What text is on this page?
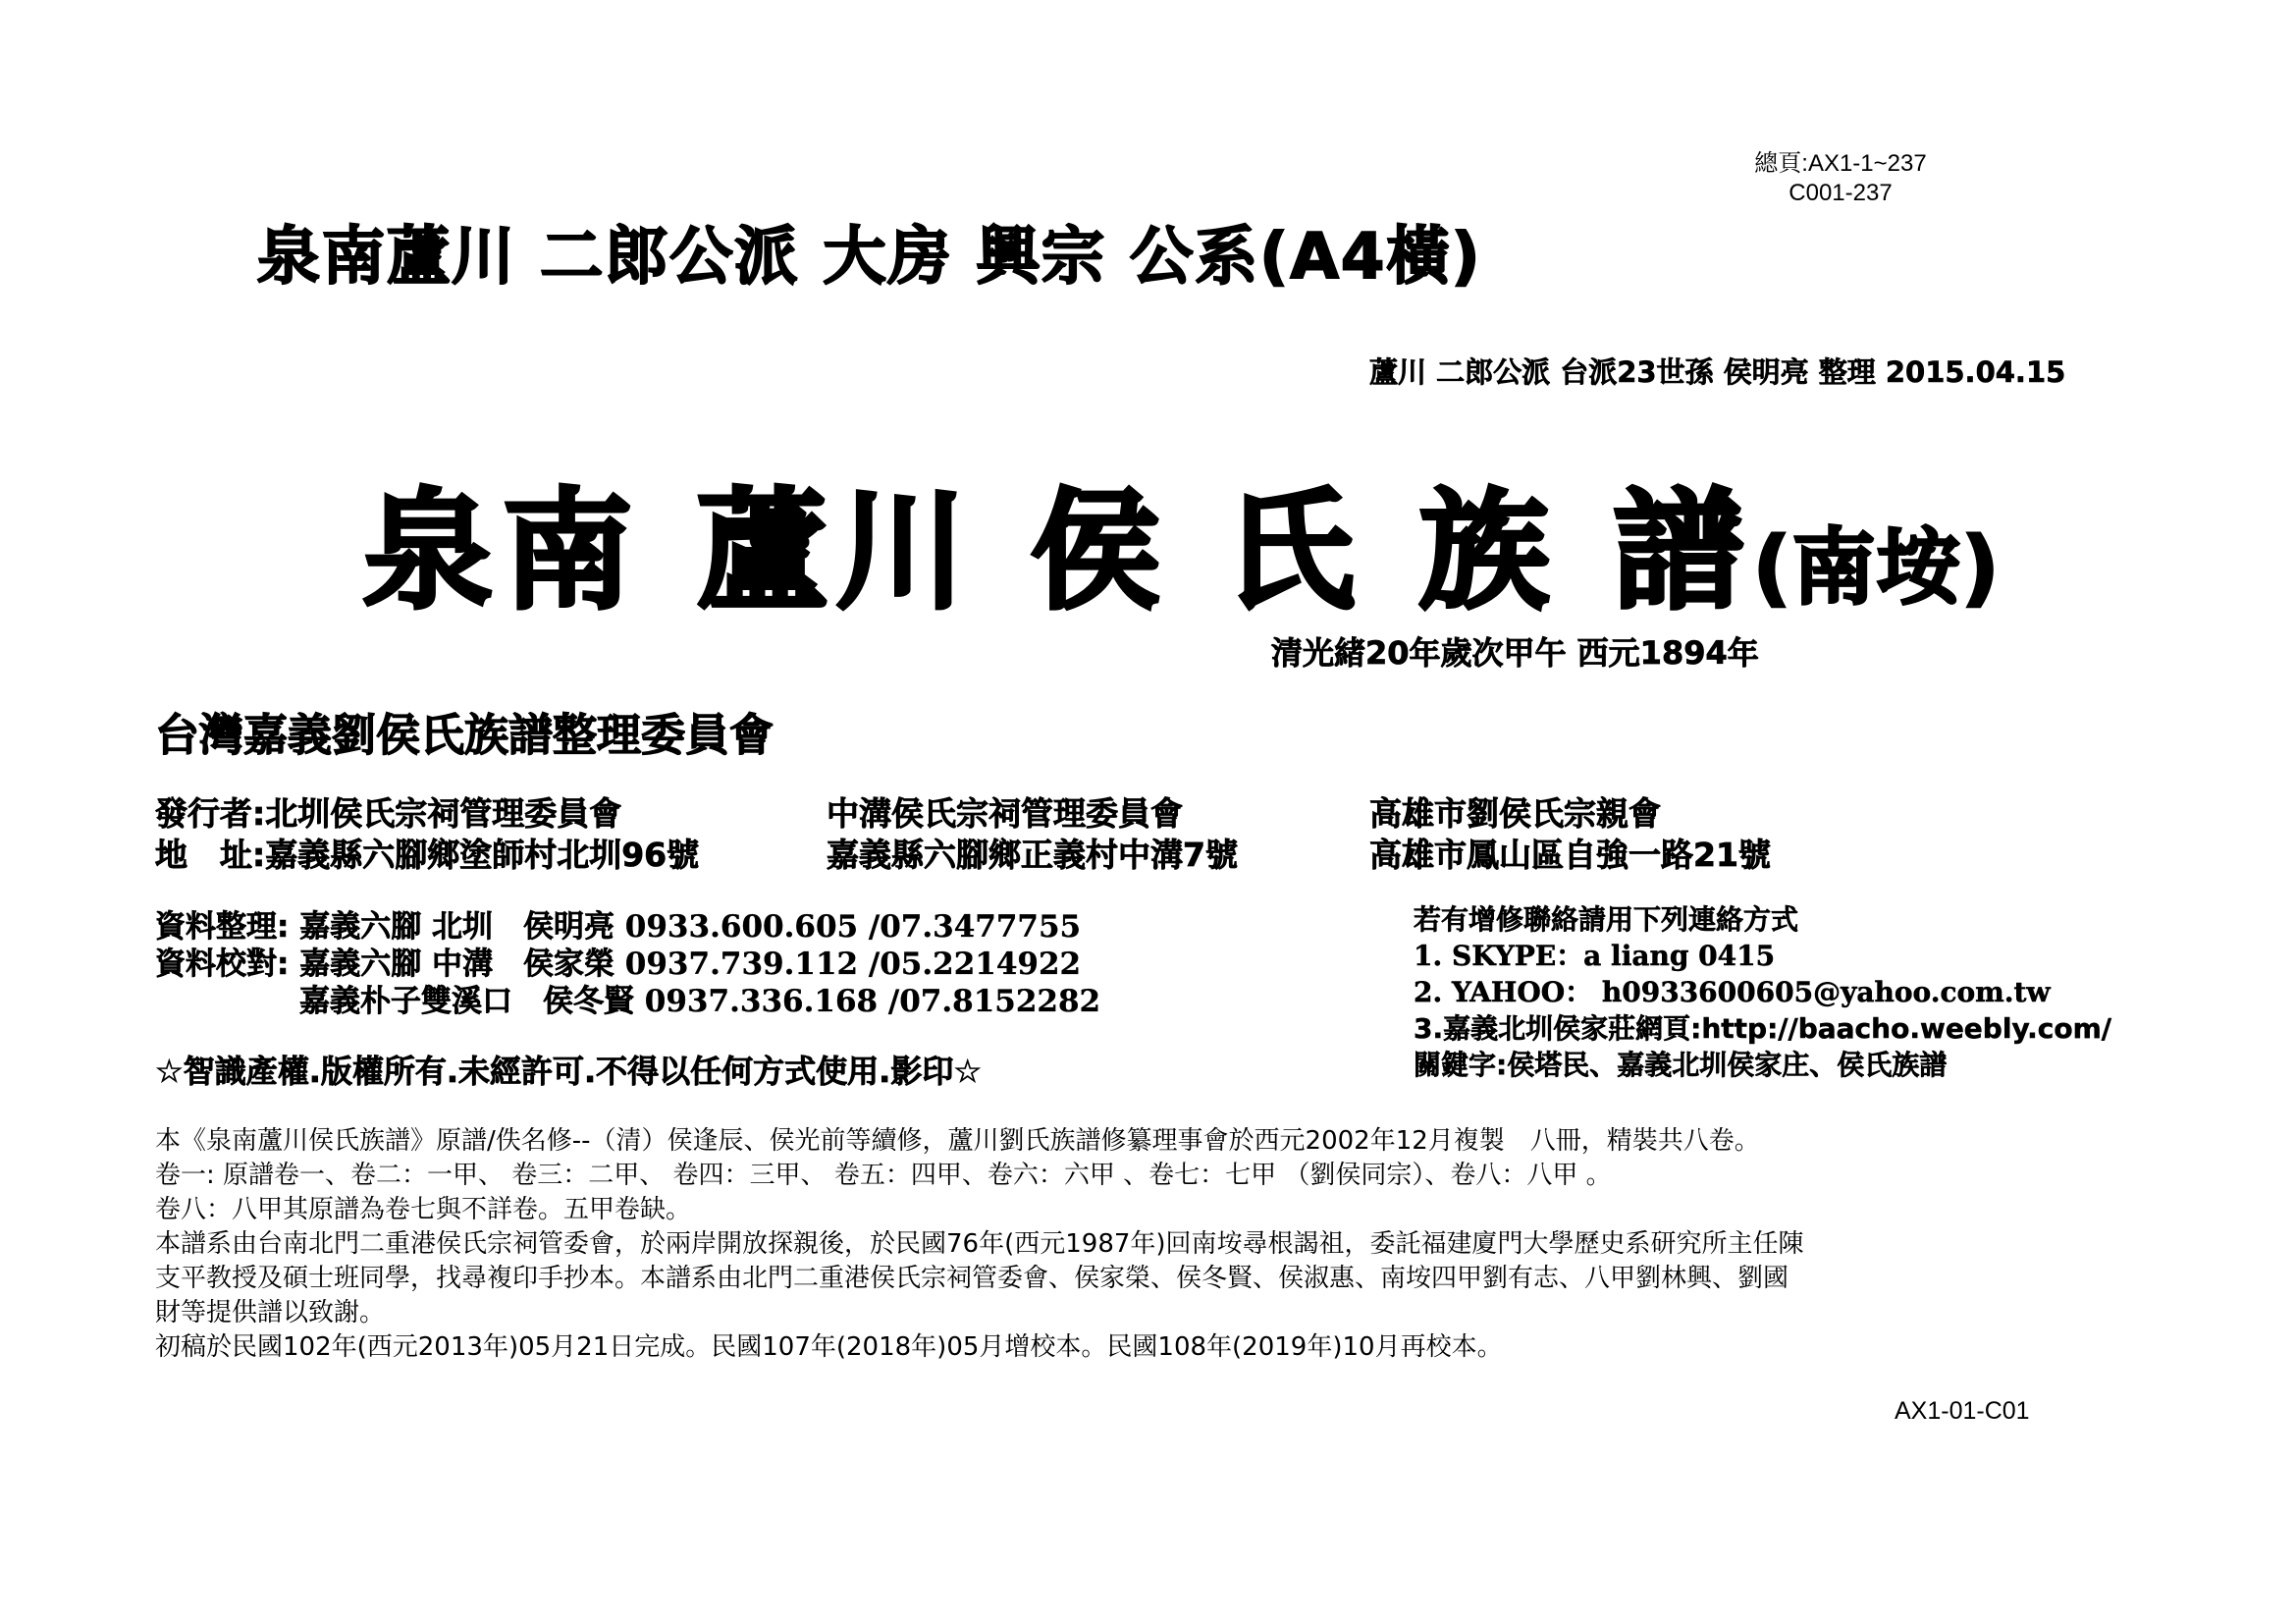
總頁:AX1-1~237
C001-237
泉南蘆川 二郎公派 大房 興宗 公系(A4橫)
蘆川 二郎公派 台派23世孫 侯明亮 整理 2015.04.15
泉南 蘆川 侯 氏 族 譜(南垵)
清光緒20年歲次甲午 西元1894年
台灣嘉義劉侯氏族譜整理委員會
發行者:北圳侯氏宗祠管理委員會	中溝侯氏宗祠管理委員會	高雄市劉侯氏宗親會
地　址:嘉義縣六腳鄉塗師村北圳96號	嘉義縣六腳鄉正義村中溝7號	高雄市鳳山區自強一路21號
資料整理: 嘉義六腳 北圳　侯明亮 0933.600.605 /07.3477755
資料校對: 嘉義六腳 中溝　侯家榮 0937.739.112 /05.2214922
嘉義朴子雙溪口　侯冬賢 0937.336.168 /07.8152282
若有增修聯絡請用下列連絡方式
1. SKYPE：a liang 0415
2. YAHOO： h0933600605@yahoo.com.tw
3.嘉義北圳侯家莊網頁:http://baacho.weebly.com/
關鍵字:侯塔民、嘉義北圳侯家庄、侯氏族譜
☆智識產權.版權所有.未經許可.不得以任何方式使用.影印☆
本《泉南蘆川侯氏族譜》原譜/佚名修--（清）侯逢辰、侯光前等續修，蘆川劉氏族譜修纂理事會於西元2002年12月複製　八冊，精裝共八卷。
卷一: 原譜卷一、卷二：一甲、 卷三：二甲、 卷四：三甲、 卷五：四甲、卷六：六甲 、卷七：七甲 （劉侯同宗）、卷八：八甲 。
卷八：八甲其原譜為卷七與不詳卷。五甲卷缺。
本譜系由台南北門二重港侯氏宗祠管委會，於兩岸開放探親後，於民國76年(西元1987年)回南垵尋根謁祖，委託福建廈門大學歷史系研究所主任陳
支平教授及碩士班同學，找尋複印手抄本。本譜系由北門二重港侯氏宗祠管委會、侯家榮、侯冬賢、侯淑惠、南垵四甲劉有志、八甲劉林興、劉國
財等提供譜以致謝。
初稿於民國102年(西元2013年)05月21日完成。民國107年(2018年)05月增校本。民國108年(2019年)10月再校本。
AX1-01-C01
